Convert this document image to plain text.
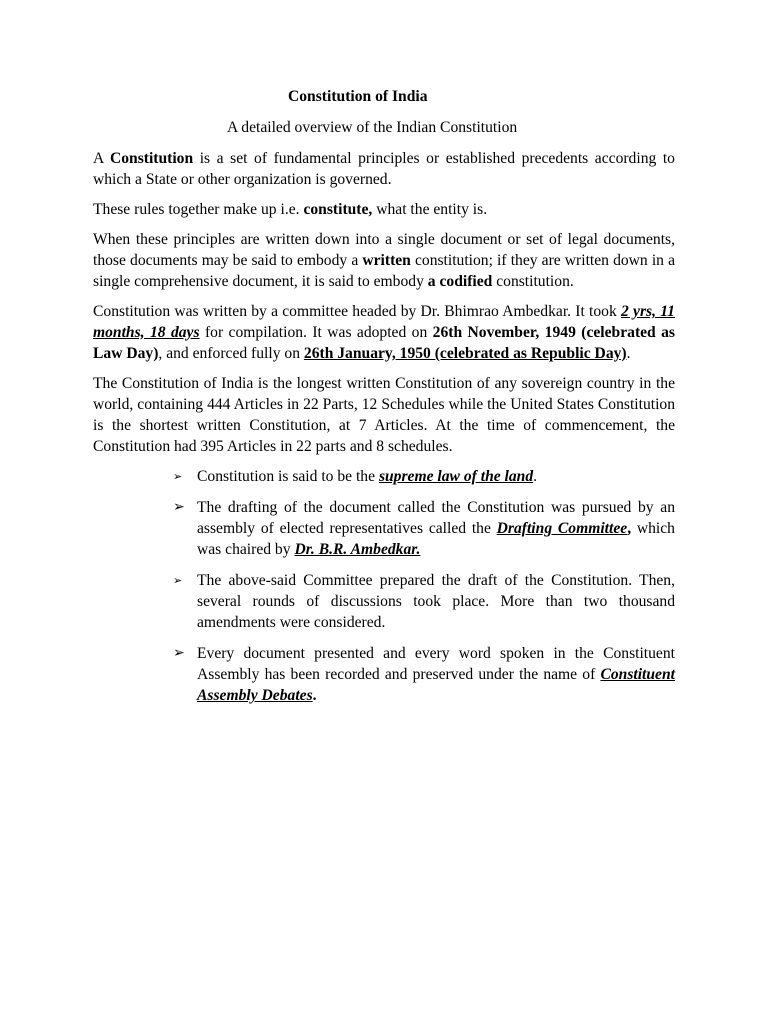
Constitution of India

A detailed overview of the Indian Constitution

A Constitution is a set of fundamental principles or established precedents according to which a State or other organization is governed.

These rules together make up i.e. constitute, what the entity is.

When these principles are written down into a single document or set of legal documents, those documents may be said to embody a written constitution; if they are written down in a single comprehensive document, it is said to embody a codified constitution.

Constitution was written by a committee headed by Dr. Bhimrao Ambedkar. It took 2 yrs, 11 months, 18 days for compilation. It was adopted on 26th November, 1949 (celebrated as Law Day), and enforced fully on 26th January, 1950 (celebrated as Republic Day).

The Constitution of India is the longest written Constitution of any sovereign country in the world, containing 444 Articles in 22 Parts, 12 Schedules while the United States Constitution is the shortest written Constitution, at 7 Articles. At the time of commencement, the Constitution had 395 Articles in 22 parts and 8 schedules.

➢ Constitution is said to be the supreme law of the land.
➢ The drafting of the document called the Constitution was pursued by an assembly of elected representatives called the Drafting Committee, which was chaired by Dr. B.R. Ambedkar.
➢ The above-said Committee prepared the draft of the Constitution. Then, several rounds of discussions took place. More than two thousand amendments were considered.
➢ Every document presented and every word spoken in the Constituent Assembly has been recorded and preserved under the name of Constituent Assembly Debates.
